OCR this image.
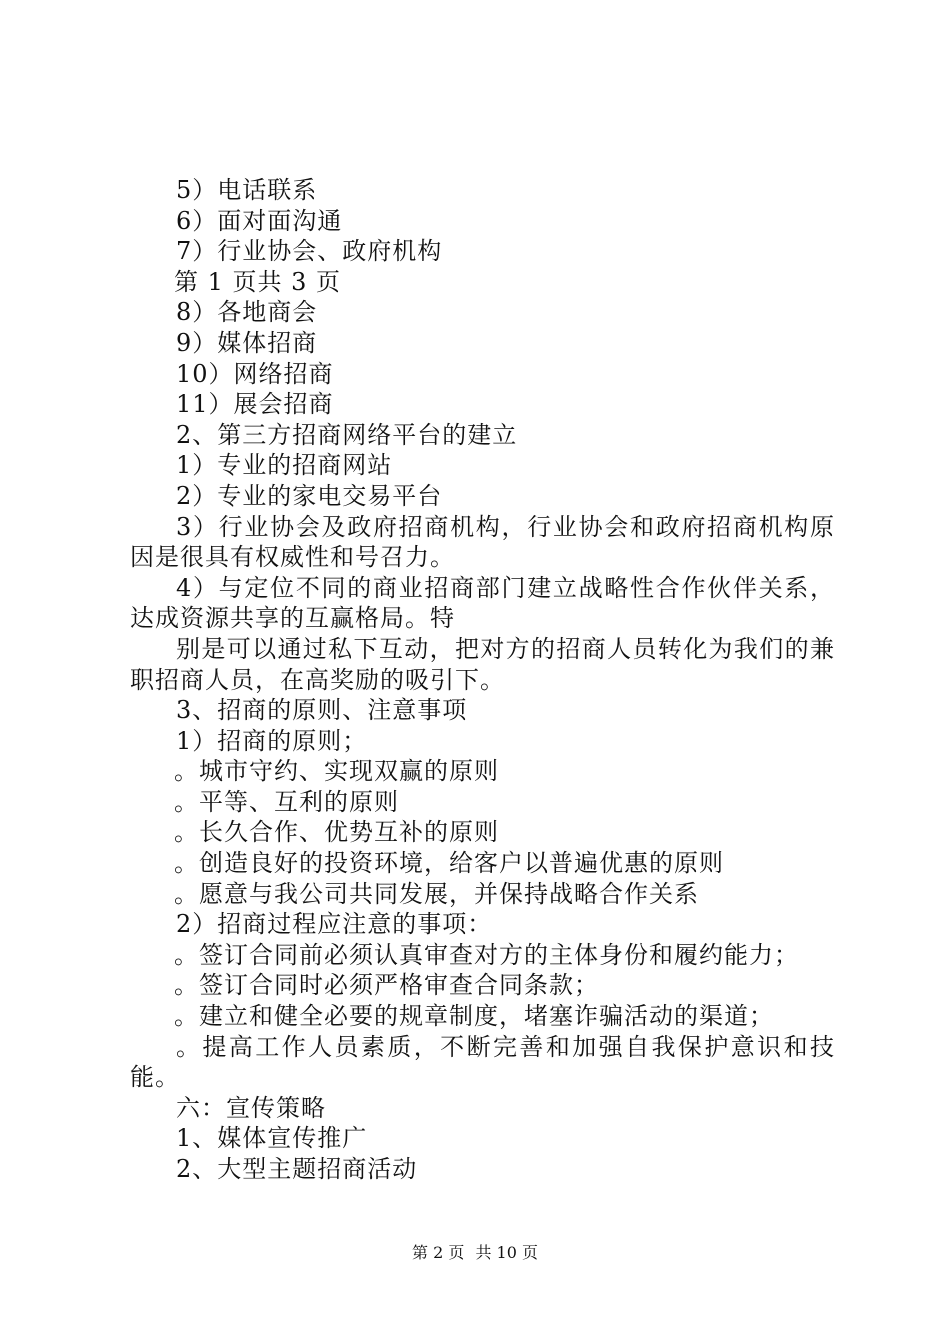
5）电话联系
6）面对面沟通
7）行业协会、政府机构
第 1 页共 3 页
8）各地商会
9）媒体招商
10）网络招商
11）展会招商
2、第三方招商网络平台的建立
1）专业的招商网站
2）专业的家电交易平台
3）行业协会及政府招商机构，行业协会和政府招商机构原因是很具有权威性和号召力。
4）与定位不同的商业招商部门建立战略性合作伙伴关系，达成资源共享的互赢格局。特
别是可以通过私下互动，把对方的招商人员转化为我们的兼职招商人员，在高奖励的吸引下。
3、招商的原则、注意事项
1）招商的原则；
。城市守约、实现双赢的原则
。平等、互利的原则
。长久合作、优势互补的原则
。创造良好的投资环境，给客户以普遍优惠的原则
。愿意与我公司共同发展，并保持战略合作关系
2）招商过程应注意的事项：
。签订合同前必须认真审查对方的主体身份和履约能力；
。签订合同时必须严格审查合同条款；
。建立和健全必要的规章制度，堵塞诈骗活动的渠道；
。提高工作人员素质，不断完善和加强自我保护意识和技能。
六：宣传策略
1、媒体宣传推广
2、大型主题招商活动
第 2 页 共 10 页
